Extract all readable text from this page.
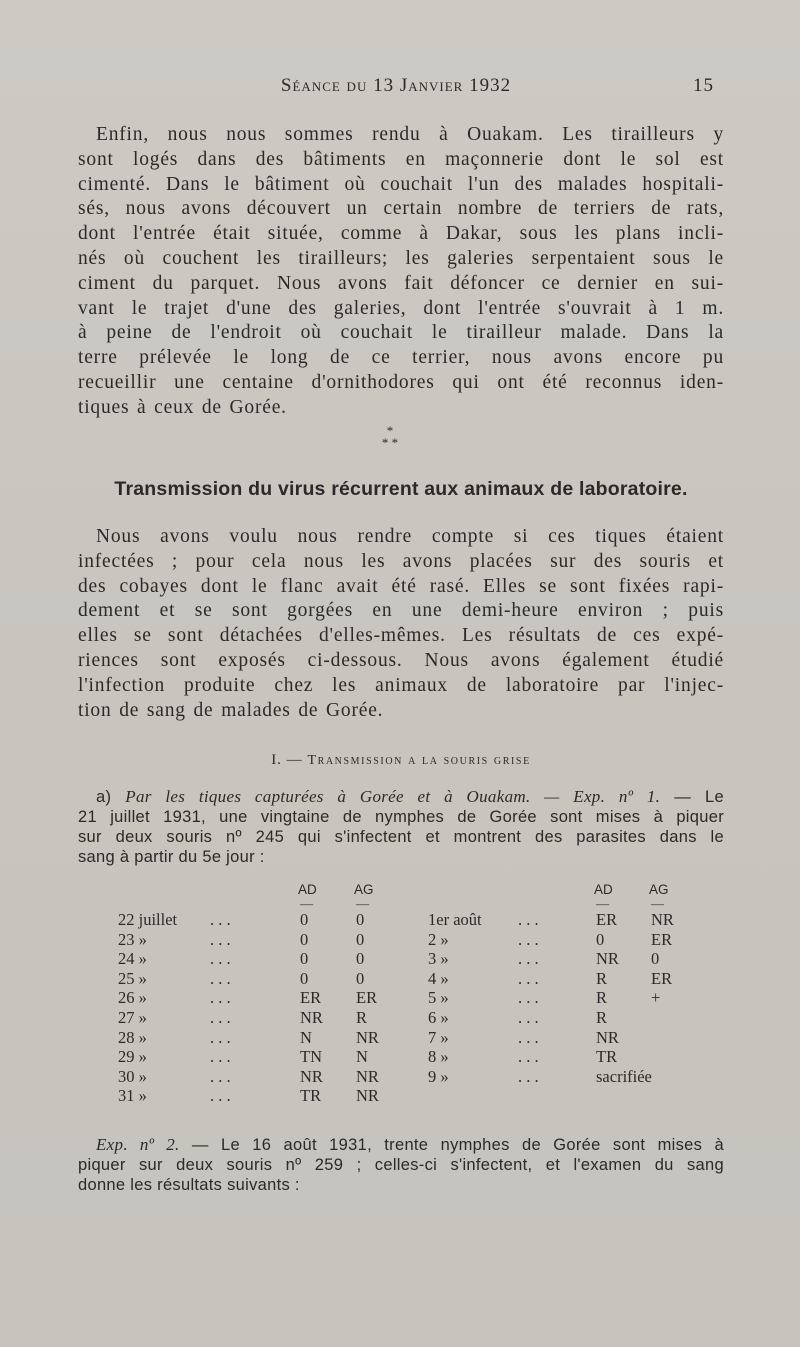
Séance du 13 Janvier 1932	15
Enfin, nous nous sommes rendu à Ouakam. Les tirailleurs y
sont logés dans des bâtiments en maçonnerie dont le sol est
cimenté. Dans le bâtiment où couchait l'un des malades hospitali-
sés, nous avons découvert un certain nombre de terriers de rats,
dont l'entrée était située, comme à Dakar, sous les plans incli-
nés où couchent les tirailleurs; les galeries serpentaient sous le
ciment du parquet. Nous avons fait défoncer ce dernier en sui-
vant le trajet d'une des galeries, dont l'entrée s'ouvrait à 1 m.
à peine de l'endroit où couchait le tirailleur malade. Dans la
terre prélevée le long de ce terrier, nous avons encore pu
recueillir une centaine d'ornithodores qui ont été reconnus iden-
tiques à ceux de Gorée.
*
* *
Transmission du virus récurrent aux animaux de laboratoire.
Nous avons voulu nous rendre compte si ces tiques étaient
infectées ; pour cela nous les avons placées sur des souris et
des cobayes dont le flanc avait été rasé. Elles se sont fixées rapi-
dement et se sont gorgées en une demi-heure environ ; puis
elles se sont détachées d'elles-mêmes. Les résultats de ces expé-
riences sont exposés ci-dessous. Nous avons également étudié
l'infection produite chez les animaux de laboratoire par l'injec-
tion de sang de malades de Gorée.
I. — Transmission a la souris grise
a) Par les tiques capturées à Gorée et à Ouakam. — Exp. nº 1. — Le
21 juillet 1931, une vingtaine de nymphes de Gorée sont mises à piquer
sur deux souris nº 245 qui s'infectent et montrent des parasites dans le
sang à partir du 5e jour :
AD	AG	AD	AG
—	—	—	—
22 juillet . . .	0	0
23 »	. . .	0	0
24 »	. . .	0	0
25 »	. . .	0	0
26 »	. . .	ER ER
27 »	. . .	NR R
28 »	. . .	N	NR
29 »	. . .	TN N
30 »	. . .	NR NR
31 »	. . .	TR NR
1er août . . .	ER NR
2 »	. . .	0	ER
3 »	. . .	NR 0
4 »	. . .	R	ER
5 »	. . .	R	+
6 »	. . .	R
7 »	. . .	NR
8 »	. . .	TR
9 »	. . .	sacrifiée
Exp. nº 2. — Le 16 août 1931, trente nymphes de Gorée sont mises à
piquer sur deux souris nº 259 ; celles-ci s'infectent, et l'examen du sang
donne les résultats suivants :
